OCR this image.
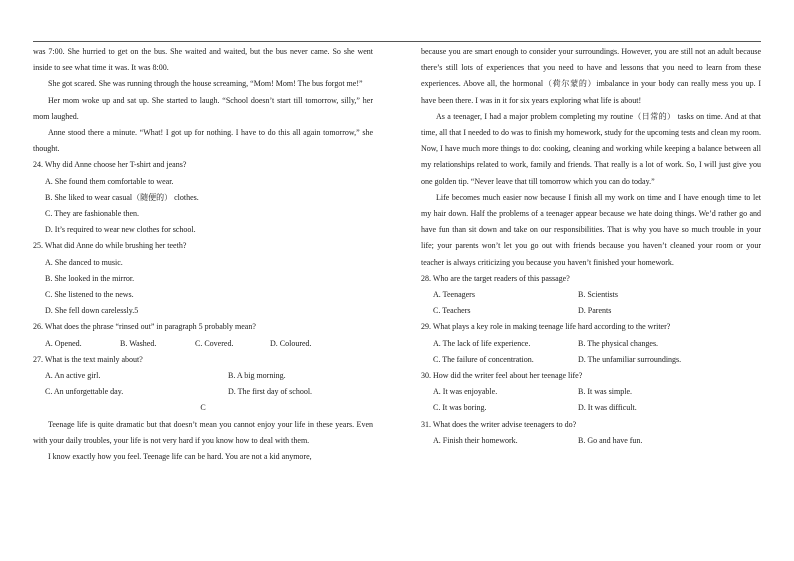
was 7:00. She hurried to get on the bus. She waited and waited, but the bus never came. So she went inside to see what time it was. It was 8:00.

She got scared. She was running through the house screaming, “Mom! Mom! The bus forgot me!”

Her mom woke up and sat up. She started to laugh. “School doesn’t start till tomorrow, silly,” her mom laughed.

Anne stood there a minute. “What! I got up for nothing. I have to do this all again tomorrow,” she thought.

24. Why did Anne choose her T-shirt and jeans?

A. She found them comfortable to wear.

B. She liked to wear casual（随便的） clothes.

C. They are fashionable then.

D. It’s required to wear new clothes for school.

25. What did Anne do while brushing her teeth?

A. She danced to music.

B. She looked in the mirror.

C. She listened to the news.

D. She fell down carelessly.5

26. What does the phrase “rinsed out” in paragraph 5 probably mean?

A. Opened.	B. Washed.	C. Covered.	D. Coloured.

27. What is the text mainly about?

A. An active girl.	B. A big morning.
C. An unforgettable day.	D. The first day of school.

C

Teenage life is quite dramatic but that doesn’t mean you cannot enjoy your life in these years. Even with your daily troubles, your life is not very hard if you know how to deal with them.

I know exactly how you feel. Teenage life can be hard. You are not a kid anymore,

because you are smart enough to consider your surroundings. However, you are still not an adult because there’s still lots of experiences that you need to have and lessons that you need to learn from these experiences. Above all, the hormonal（荷尔蒙的）imbalance in your body can really mess you up. I have been there. I was in it for six years exploring what life is about!

As a teenager, I had a major problem completing my routine（日常的） tasks on time. And at that time, all that I needed to do was to finish my homework, study for the upcoming tests and clean my room. Now, I have much more things to do: cooking, cleaning and working while keeping a balance between all my relationships related to work, family and friends. That really is a lot of work. So, I will just give you one golden tip. “Never leave that till tomorrow which you can do today.”

Life becomes much easier now because I finish all my work on time and I have enough time to let my hair down. Half the problems of a teenager appear because we hate doing things. We’d rather go and have fun than sit down and take on our responsibilities. That is why you have so much trouble in your life; your parents won’t let you go out with friends because you haven’t cleaned your room or your teacher is always criticizing you because you haven’t finished your homework.

28. Who are the target readers of this passage?

A. Teenagers	B. Scientists
C. Teachers	D. Parents

29. What plays a key role in making teenage life hard according to the writer?

A. The lack of life experience.	B. The physical changes.
C. The failure of concentration.	D. The unfamiliar surroundings.

30. How did the writer feel about her teenage life?

A. It was enjoyable.	B. It was simple.
C. It was boring.	D. It was difficult.

31. What does the writer advise teenagers to do?

A. Finish their homework.	B. Go and have fun.
